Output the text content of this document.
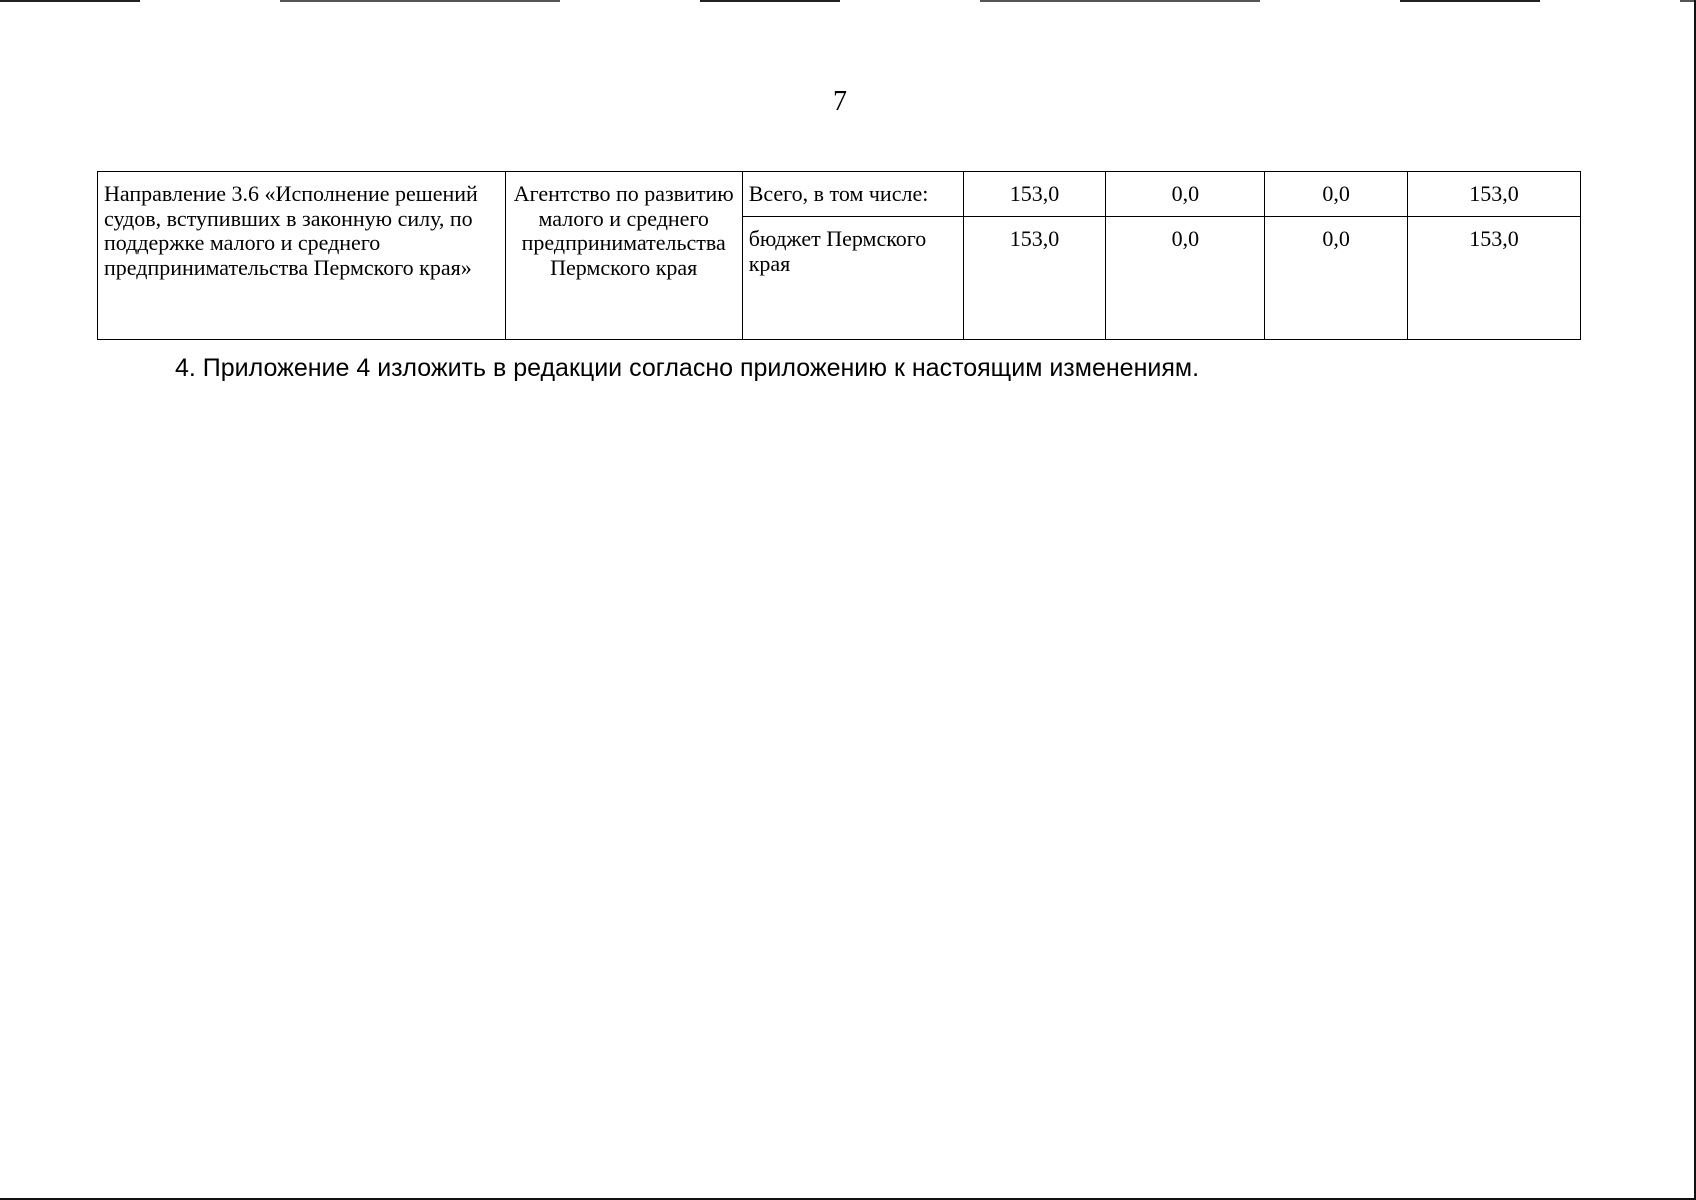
7
Направление 3.6 «Исполнение решений судов, вступивших в законную силу, по поддержке малого и среднего предпринимательства Пермского края»	Агентство по развитию малого и среднего предпринимательства Пермского края	Всего, в том числе:	153,0	0,0	0,0	153,0
		бюджет Пермского края	153,0	0,0	0,0	153,0
4. Приложение 4 изложить в редакции согласно приложению к настоящим изменениям.
